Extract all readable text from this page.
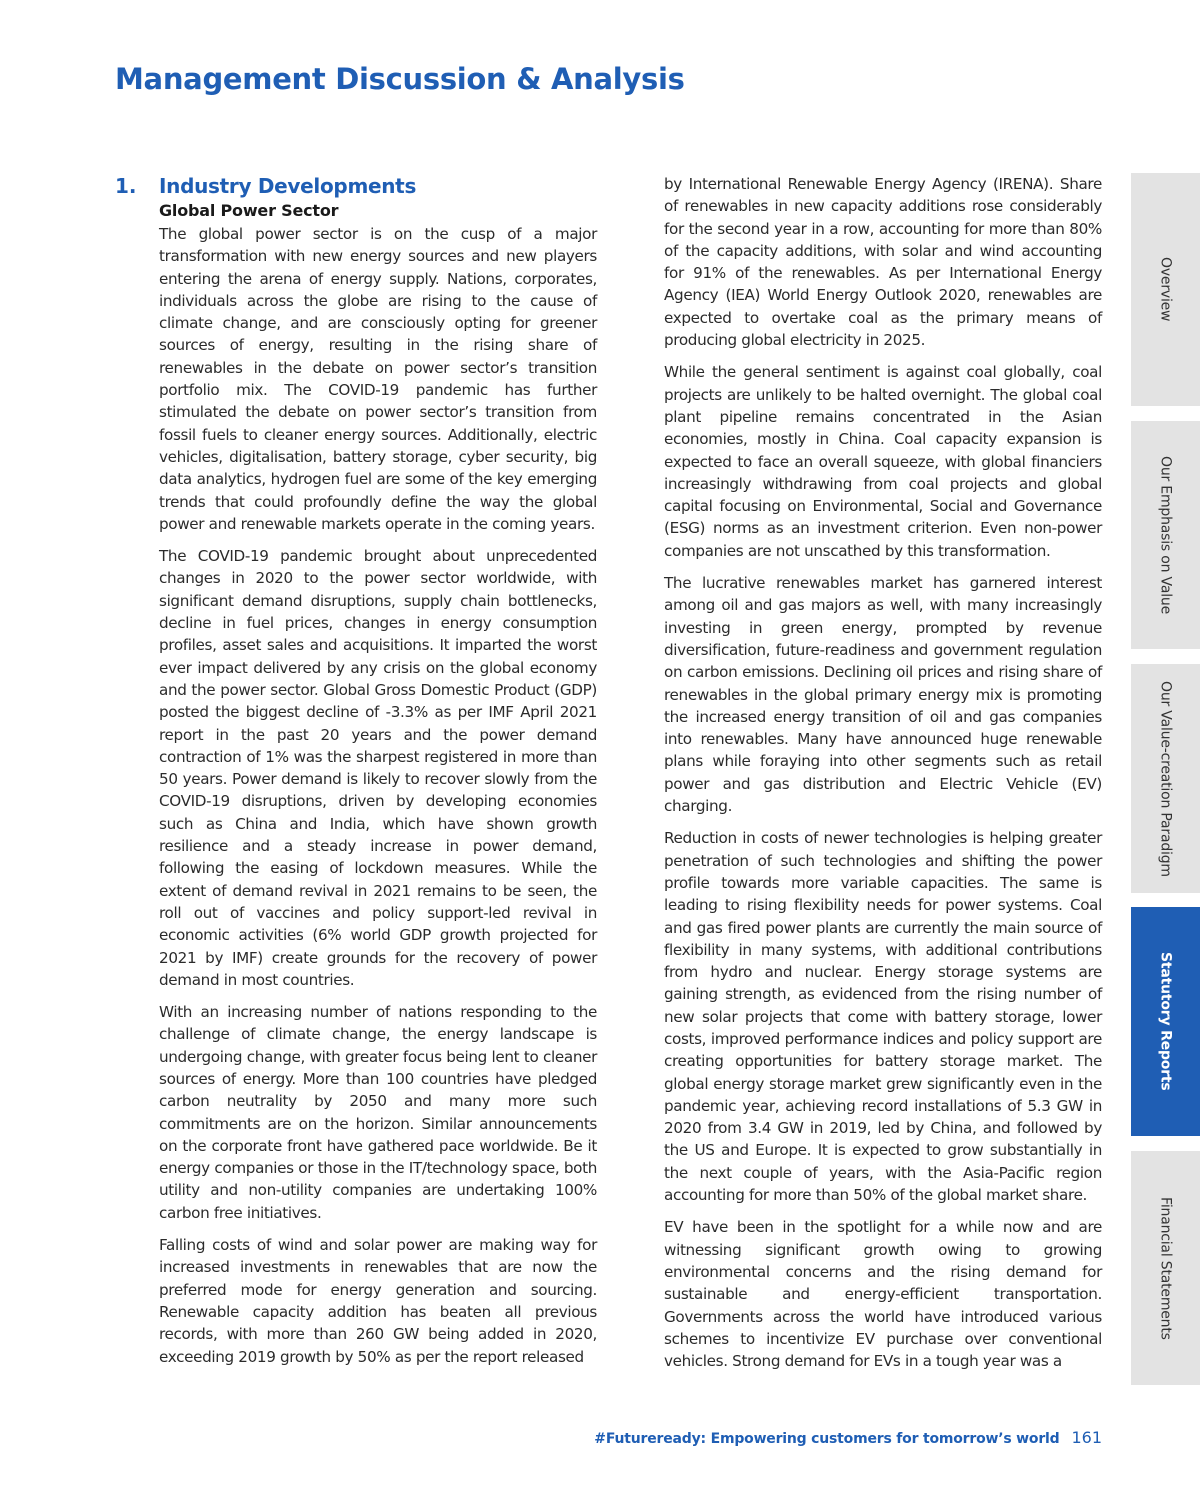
Management Discussion & Analysis
1. Industry Developments
Global Power Sector

The global power sector is on the cusp of a major transformation with new energy sources and new players entering the arena of energy supply. Nations, corporates, individuals across the globe are rising to the cause of climate change, and are consciously opting for greener sources of energy, resulting in the rising share of renewables in the debate on power sector’s transition portfolio mix. The COVID-19 pandemic has further stimulated the debate on power sector’s transition from fossil fuels to cleaner energy sources. Additionally, electric vehicles, digitalisation, battery storage, cyber security, big data analytics, hydrogen fuel are some of the key emerging trends that could profoundly define the way the global power and renewable markets operate in the coming years.

The COVID-19 pandemic brought about unprecedented changes in 2020 to the power sector worldwide, with significant demand disruptions, supply chain bottlenecks, decline in fuel prices, changes in energy consumption profiles, asset sales and acquisitions. It imparted the worst ever impact delivered by any crisis on the global economy and the power sector. Global Gross Domestic Product (GDP) posted the biggest decline of -3.3% as per IMF April 2021 report in the past 20 years and the power demand contraction of 1% was the sharpest registered in more than 50 years. Power demand is likely to recover slowly from the COVID-19 disruptions, driven by developing economies such as China and India, which have shown growth resilience and a steady increase in power demand, following the easing of lockdown measures. While the extent of demand revival in 2021 remains to be seen, the roll out of vaccines and policy support-led revival in economic activities (6% world GDP growth projected for 2021 by IMF) create grounds for the recovery of power demand in most countries.

With an increasing number of nations responding to the challenge of climate change, the energy landscape is undergoing change, with greater focus being lent to cleaner sources of energy. More than 100 countries have pledged carbon neutrality by 2050 and many more such commitments are on the horizon. Similar announcements on the corporate front have gathered pace worldwide. Be it energy companies or those in the IT/technology space, both utility and non-utility companies are undertaking 100% carbon free initiatives.

Falling costs of wind and solar power are making way for increased investments in renewables that are now the preferred mode for energy generation and sourcing. Renewable capacity addition has beaten all previous records, with more than 260 GW being added in 2020, exceeding 2019 growth by 50% as per the report released

by International Renewable Energy Agency (IRENA). Share of renewables in new capacity additions rose considerably for the second year in a row, accounting for more than 80% of the capacity additions, with solar and wind accounting for 91% of the renewables. As per International Energy Agency (IEA) World Energy Outlook 2020, renewables are expected to overtake coal as the primary means of producing global electricity in 2025.

While the general sentiment is against coal globally, coal projects are unlikely to be halted overnight. The global coal plant pipeline remains concentrated in the Asian economies, mostly in China. Coal capacity expansion is expected to face an overall squeeze, with global financiers increasingly withdrawing from coal projects and global capital focusing on Environmental, Social and Governance (ESG) norms as an investment criterion. Even non-power companies are not unscathed by this transformation.

The lucrative renewables market has garnered interest among oil and gas majors as well, with many increasingly investing in green energy, prompted by revenue diversification, future-readiness and government regulation on carbon emissions. Declining oil prices and rising share of renewables in the global primary energy mix is promoting the increased energy transition of oil and gas companies into renewables. Many have announced huge renewable plans while foraying into other segments such as retail power and gas distribution and Electric Vehicle (EV) charging.

Reduction in costs of newer technologies is helping greater penetration of such technologies and shifting the power profile towards more variable capacities. The same is leading to rising flexibility needs for power systems. Coal and gas fired power plants are currently the main source of flexibility in many systems, with additional contributions from hydro and nuclear. Energy storage systems are gaining strength, as evidenced from the rising number of new solar projects that come with battery storage, lower costs, improved performance indices and policy support are creating opportunities for battery storage market. The global energy storage market grew significantly even in the pandemic year, achieving record installations of 5.3 GW in 2020 from 3.4 GW in 2019, led by China, and followed by the US and Europe. It is expected to grow substantially in the next couple of years, with the Asia-Pacific region accounting for more than 50% of the global market share.

EV have been in the spotlight for a while now and are witnessing significant growth owing to growing environmental concerns and the rising demand for sustainable and energy-efficient transportation. Governments across the world have introduced various schemes to incentivize EV purchase over conventional vehicles. Strong demand for EVs in a tough year was a

Overview
Our Emphasis on Value
Our Value-creation Paradigm
Statutory Reports
Financial Statements
#Futureready: Empowering customers for tomorrow’s world 161
